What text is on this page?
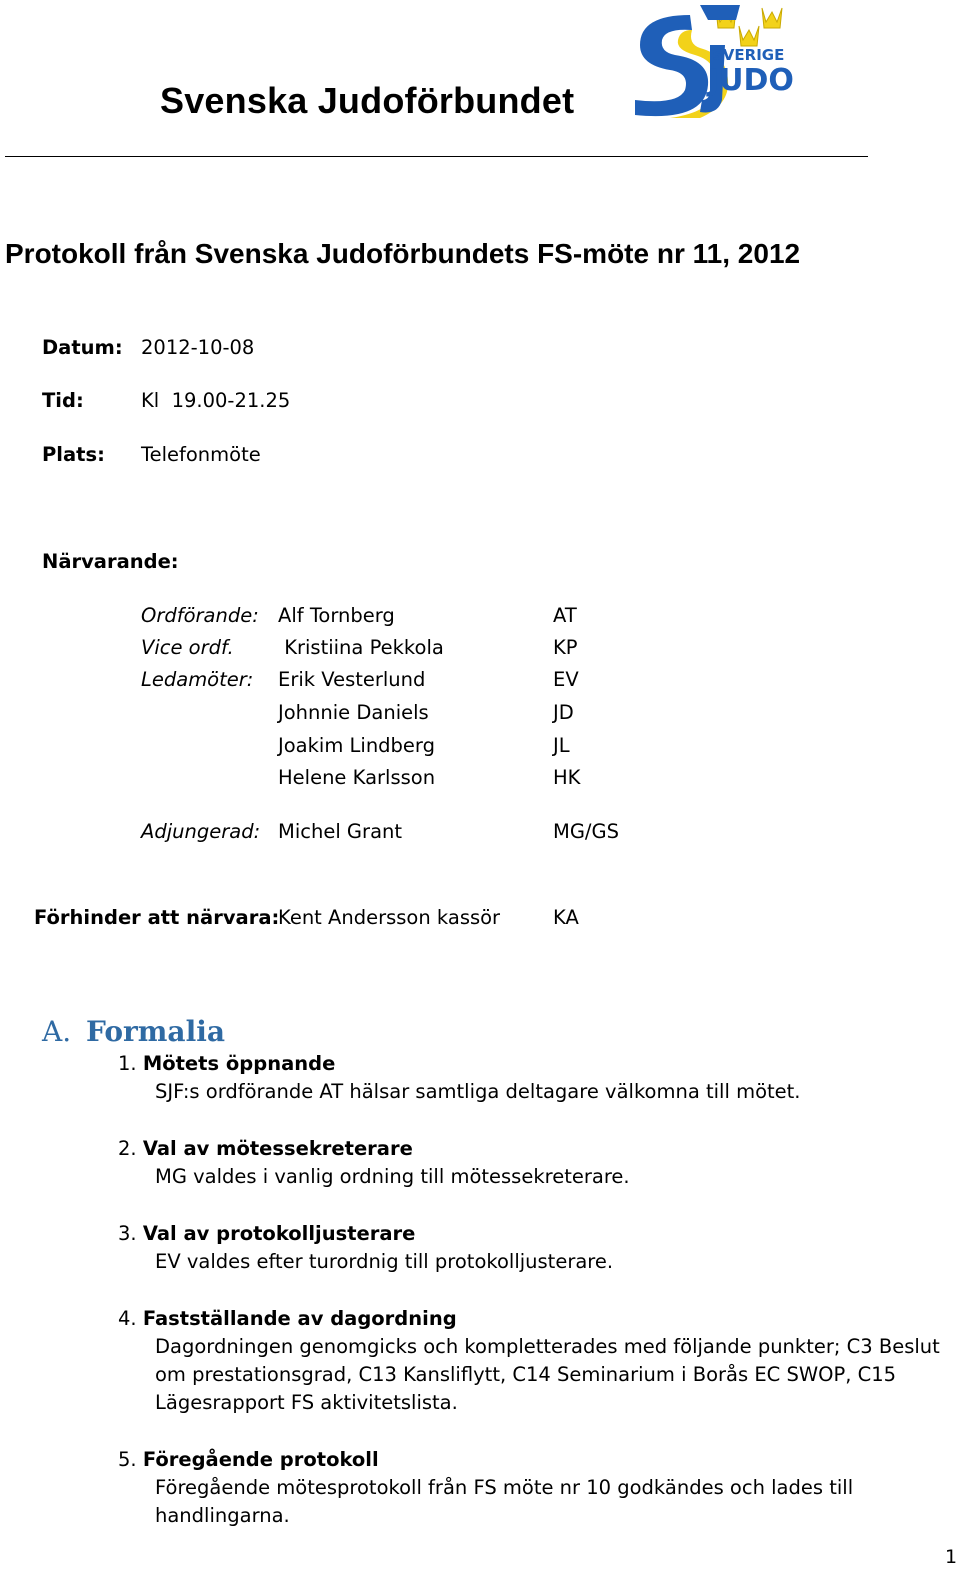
Svenska Judoförbundet
SVERIGE
JUDO
Protokoll från Svenska Judoförbundets FS-möte nr 11, 2012
Datum: 2012-10-08
Tid:	Kl  19.00-21.25
Plats: Telefonmöte
Närvarande:
Ordförande: Alf Tornberg	AT
Vice ordf. Kristiina Pekkola	KP
Ledamöter: Erik Vesterlund	EV
Johnnie Daniels	JD
Joakim Lindberg	JL
Helene Karlsson	HK
Adjungerad: Michel Grant	MG/GS
Förhinder att närvara:
Kent Andersson kassör	KA
A. Formalia
1. Mötets öppnande
SJF:s ordförande AT hälsar samtliga deltagare välkomna till mötet.
2. Val av mötessekreterare
MG valdes i vanlig ordning till mötessekreterare.
3. Val av protokolljusterare
EV valdes efter turordnig till protokolljusterare.
4. Fastställande av dagordning
Dagordningen genomgicks och kompletterades med följande punkter; C3 Beslut om prestationsgrad, C13 Kansliflytt, C14 Seminarium i Borås EC SWOP, C15 Lägesrapport FS aktivitetslista.
5. Föregående protokoll
Föregående mötesprotokoll från FS möte nr 10 godkändes och lades till handlingarna.
1
